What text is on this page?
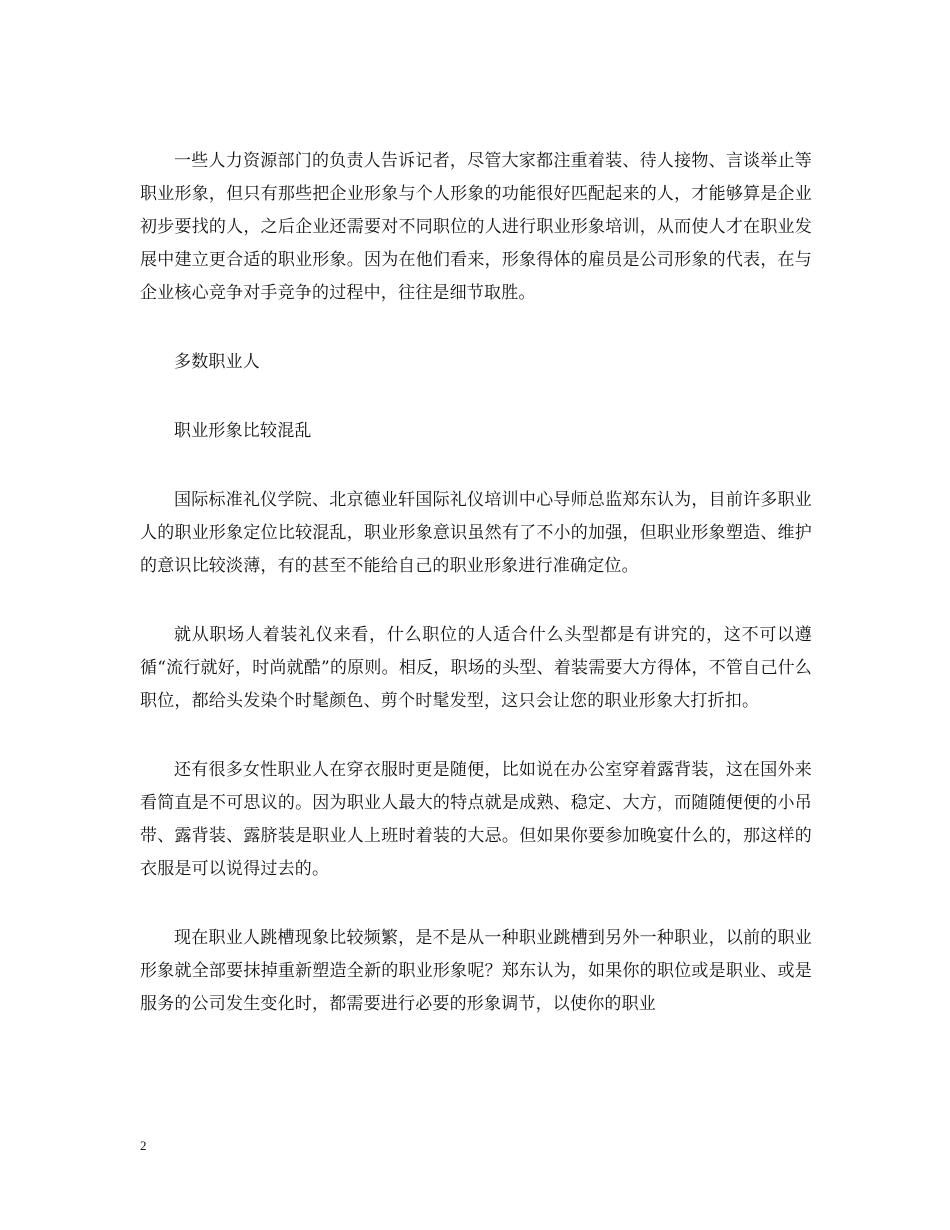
一些人力资源部门的负责人告诉记者，尽管大家都注重着装、待人接物、言谈举止等职业形象，但只有那些把企业形象与个人形象的功能很好匹配起来的人，才能够算是企业初步要找的人，之后企业还需要对不同职位的人进行职业形象培训，从而使人才在职业发展中建立更合适的职业形象。因为在他们看来，形象得体的雇员是公司形象的代表，在与企业核心竞争对手竞争的过程中，往往是细节取胜。

多数职业人

职业形象比较混乱

国际标准礼仪学院、北京德业轩国际礼仪培训中心导师总监郑东认为，目前许多职业人的职业形象定位比较混乱，职业形象意识虽然有了不小的加强，但职业形象塑造、维护的意识比较淡薄，有的甚至不能给自己的职业形象进行准确定位。

就从职场人着装礼仪来看，什么职位的人适合什么头型都是有讲究的，这不可以遵循“流行就好，时尚就酷”的原则。相反，职场的头型、着装需要大方得体，不管自己什么职位，都给头发染个时髦颜色、剪个时髦发型，这只会让您的职业形象大打折扣。

还有很多女性职业人在穿衣服时更是随便，比如说在办公室穿着露背装，这在国外来看简直是不可思议的。因为职业人最大的特点就是成熟、稳定、大方，而随随便便的小吊带、露背装、露脐装是职业人上班时着装的大忌。但如果你要参加晚宴什么的，那这样的衣服是可以说得过去的。

现在职业人跳槽现象比较频繁，是不是从一种职业跳槽到另外一种职业，以前的职业形象就全部要抹掉重新塑造全新的职业形象呢？郑东认为，如果你的职位或是职业、或是服务的公司发生变化时，都需要进行必要的形象调节，以使你的职业

2
